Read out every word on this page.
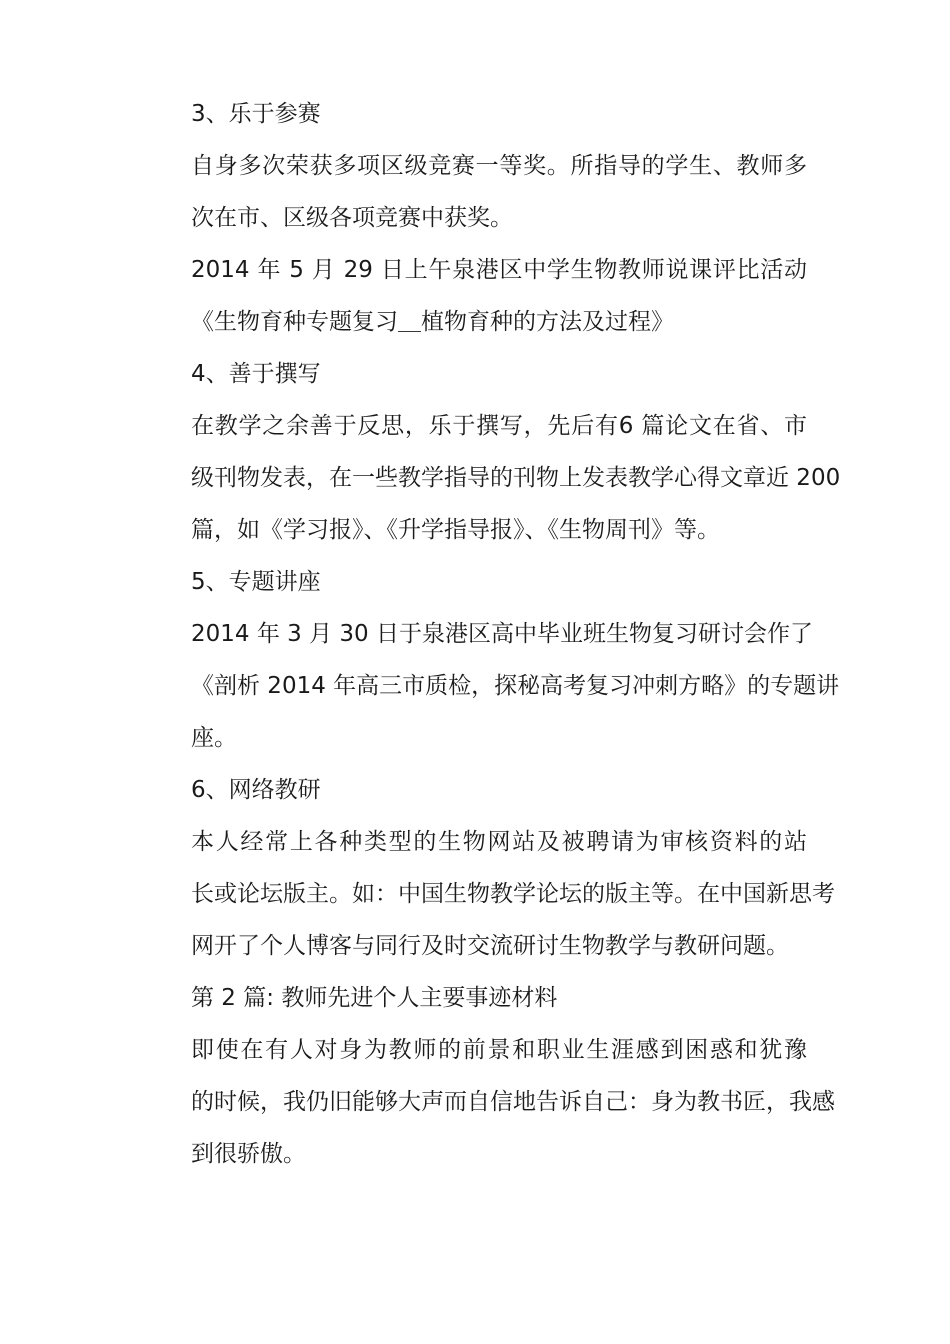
3、乐于参赛

自身多次荣获多项区级竞赛一等奖。所指导的学生、教师多
次在市、区级各项竞赛中获奖。

2014 年 5 月 29 日上午泉港区中学生物教师说课评比活动
《生物育种专题复习＿植物育种的方法及过程》

4、善于撰写

在教学之余善于反思，乐于撰写，先后有6 篇论文在省、市
级刊物发表，在一些教学指导的刊物上发表教学心得文章近 200
篇，如《学习报》、《升学指导报》、《生物周刊》等。

5、专题讲座

2014 年 3 月 30 日于泉港区高中毕业班生物复习研讨会作了
《剖析 2014 年高三市质检，探秘高考复习冲刺方略》的专题讲
座。

6、网络教研

本人经常上各种类型的生物网站及被聘请为审核资料的站
长或论坛版主。如：中国生物教学论坛的版主等。在中国新思考
网开了个人博客与同行及时交流研讨生物教学与教研问题。

第 2 篇: 教师先进个人主要事迹材料

即使在有人对身为教师的前景和职业生涯感到困惑和犹豫
的时候，我仍旧能够大声而自信地告诉自己：身为教书匠，我感
到很骄傲。
